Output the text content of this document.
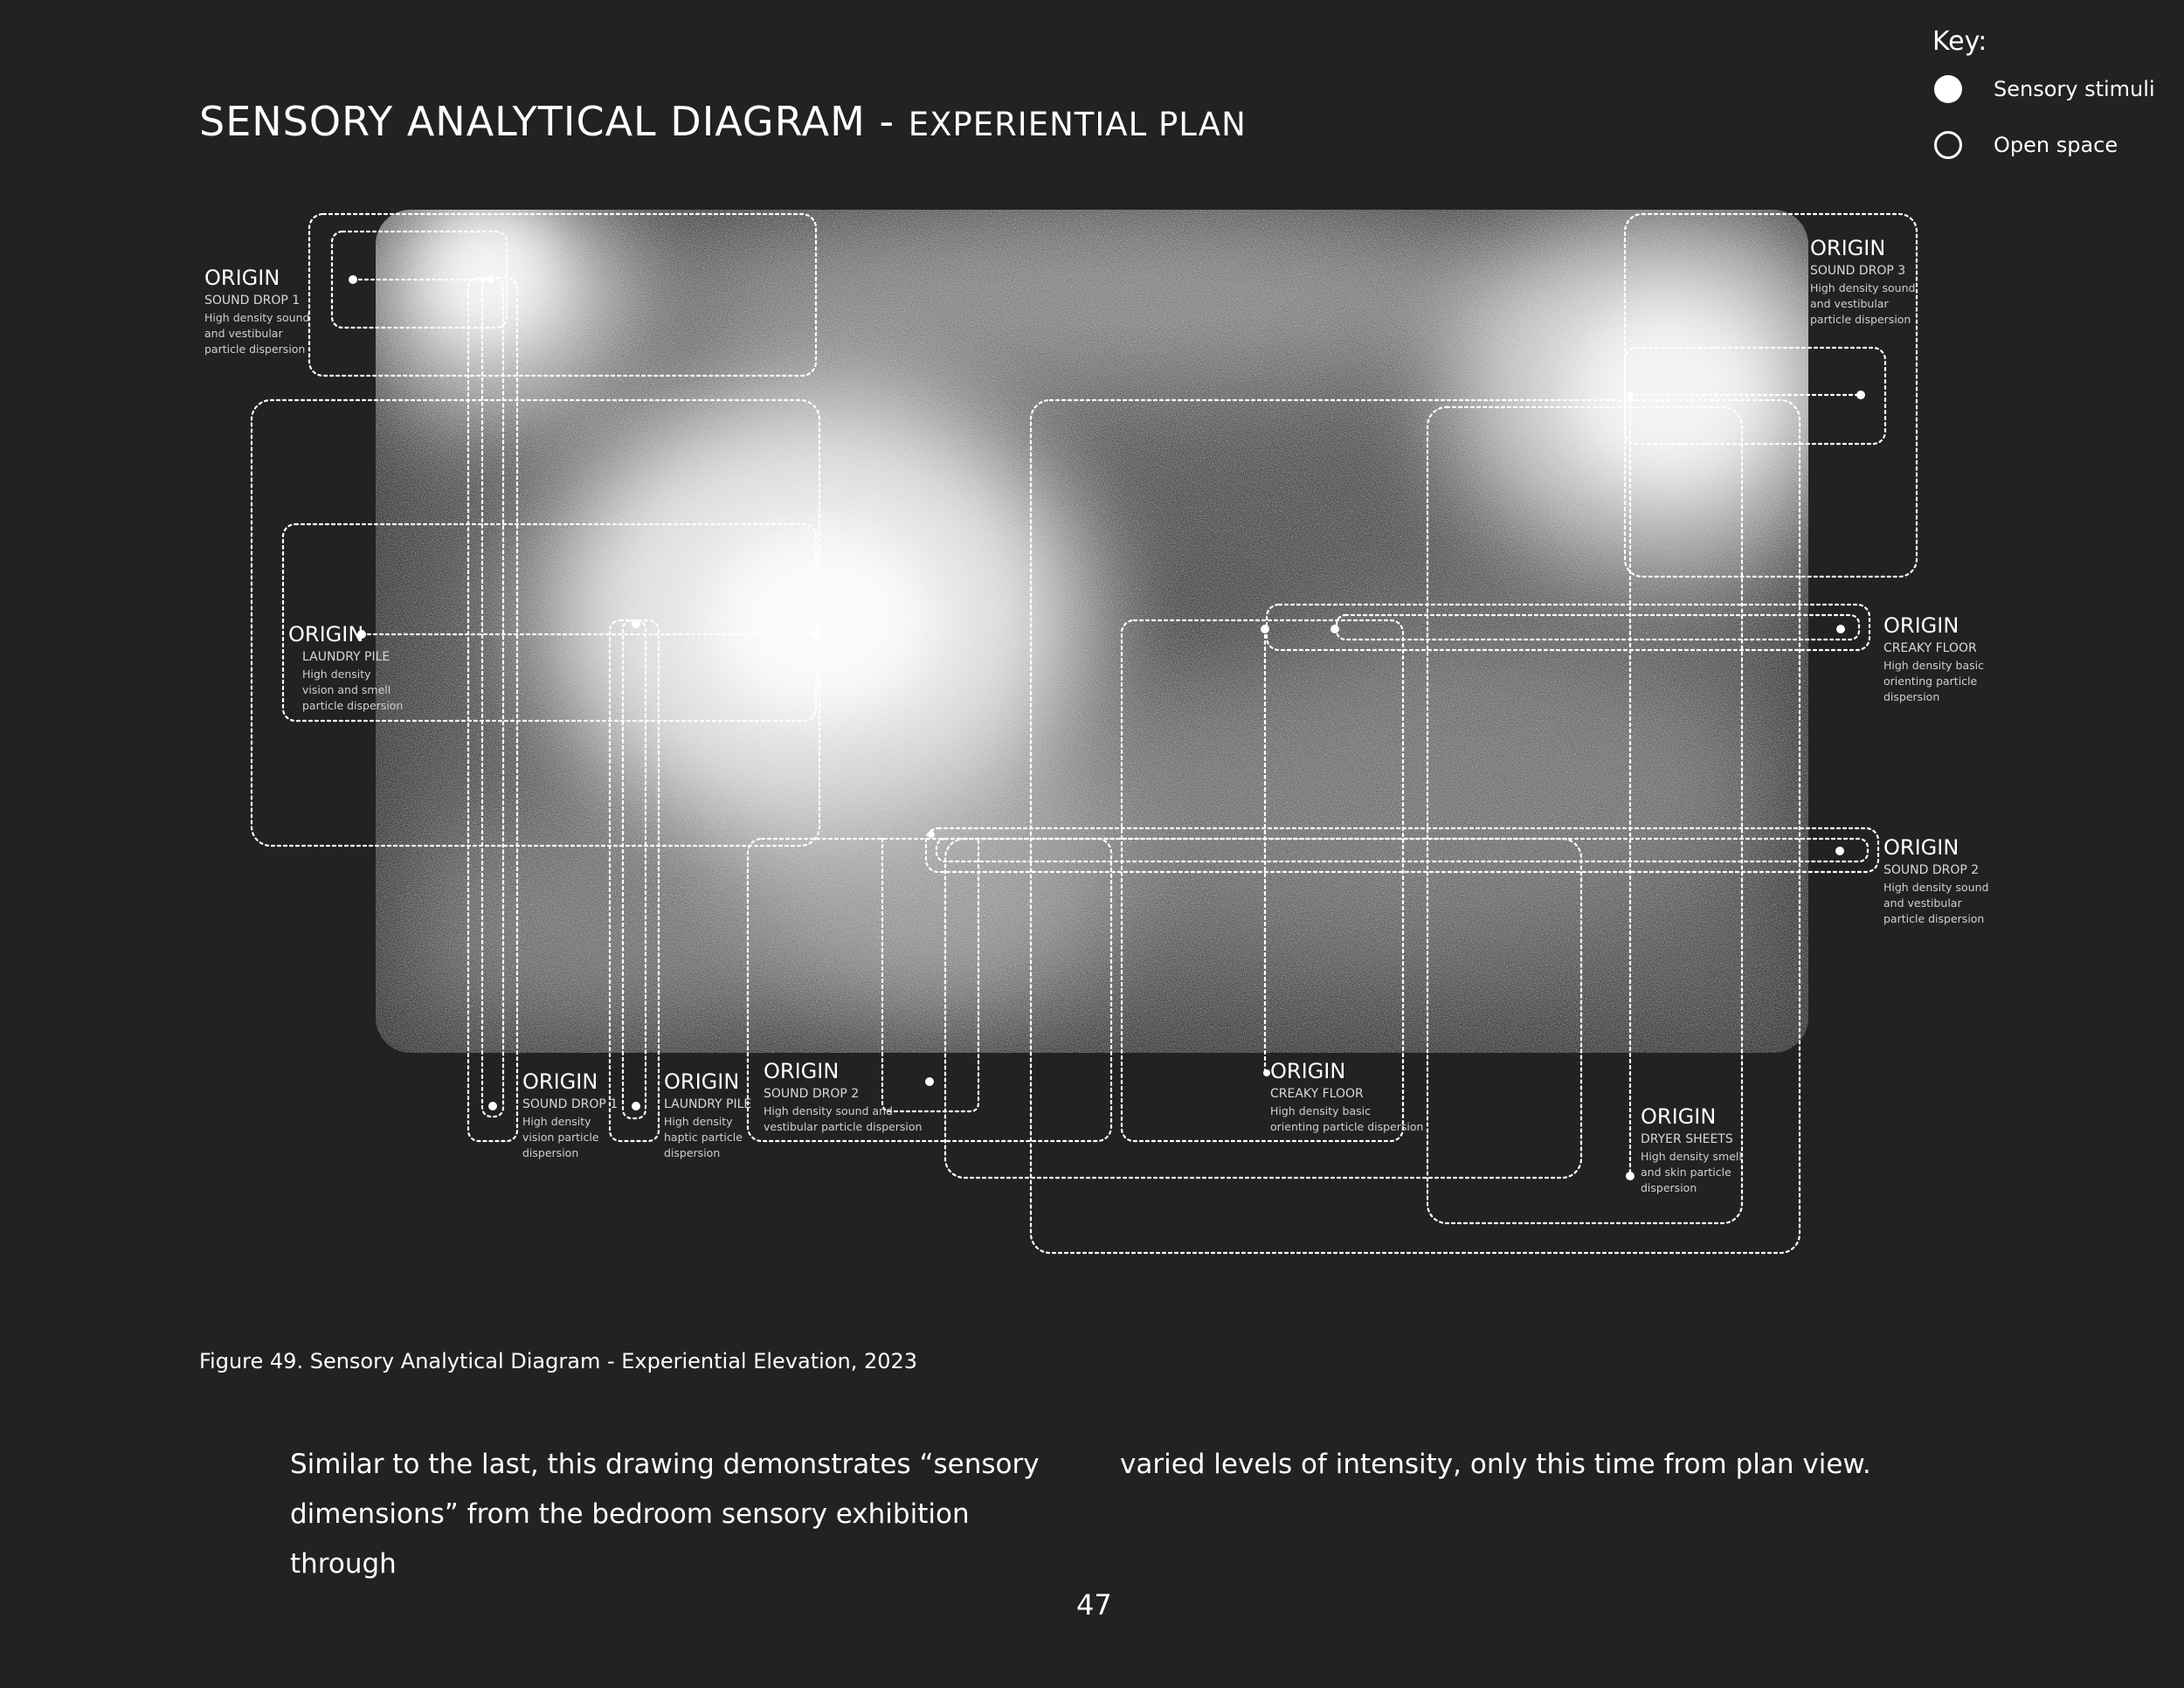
SENSORY ANALYTICAL DIAGRAM - EXPERIENTIAL PLAN
Key:
Sensory stimuli
Open space
ORIGIN
SOUND DROP 1
High density sound
and vestibular
particle dispersion
ORIGIN
SOUND DROP 3
High density sound
and vestibular
particle dispersion
ORIGIN
LAUNDRY PILE
High density
vision and smell
particle dispersion
ORIGIN
CREAKY FLOOR
High density basic
orienting particle
dispersion
ORIGIN
SOUND DROP 2
High density sound
and vestibular
particle dispersion
ORIGIN
SOUND DROP 1
High density
vision particle
dispersion
ORIGIN
LAUNDRY PILE
High density
haptic particle
dispersion
ORIGIN
SOUND DROP 2
High density sound and
vestibular particle dispersion
ORIGIN
CREAKY FLOOR
High density basic
orienting particle dispersion	ORIGIN
DRYER SHEETS
High density smell
and skin particle
dispersion
Figure 49. Sensory Analytical Diagram - Experiential Elevation, 2023
Similar to the last, this drawing demonstrates “sensory dimensions” from the bedroom sensory exhibition through
varied levels of intensity, only this time from plan view.
47
